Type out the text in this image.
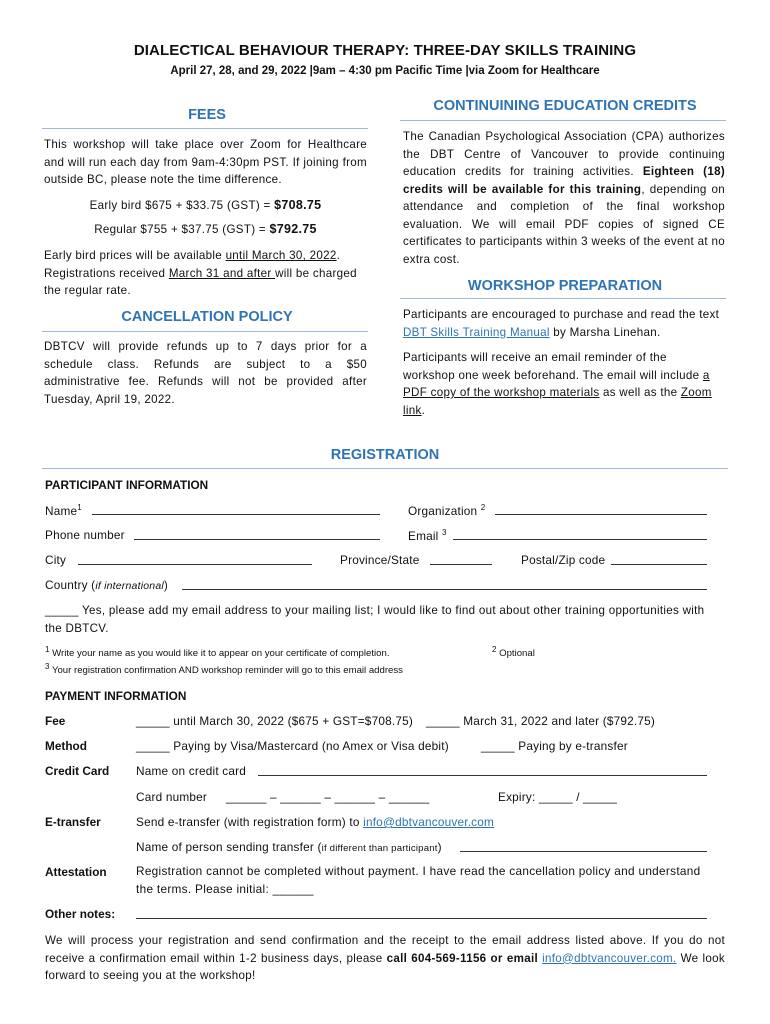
DIALECTICAL BEHAVIOUR THERAPY: THREE-DAY SKILLS TRAINING
April 27, 28, and 29, 2022 |9am – 4:30 pm Pacific Time |via Zoom for Healthcare
FEES
This workshop will take place over Zoom for Healthcare and will run each day from 9am-4:30pm PST. If joining from outside BC, please note the time difference.
Early bird $675 + $33.75 (GST) = $708.75
Regular $755 + $37.75 (GST) = $792.75
Early bird prices will be available until March 30, 2022. Registrations received March 31 and after will be charged the regular rate.
CANCELLATION POLICY
DBTCV will provide refunds up to 7 days prior for a schedule class. Refunds are subject to a $50 administrative fee. Refunds will not be provided after Tuesday, April 19, 2022.
CONTINUINING EDUCATION CREDITS
The Canadian Psychological Association (CPA) authorizes the DBT Centre of Vancouver to provide continuing education credits for training activities. Eighteen (18) credits will be available for this training, depending on attendance and completion of the final workshop evaluation. We will email PDF copies of signed CE certificates to participants within 3 weeks of the event at no extra cost.
WORKSHOP PREPARATION
Participants are encouraged to purchase and read the text DBT Skills Training Manual by Marsha Linehan.
Participants will receive an email reminder of the workshop one week beforehand. The email will include a PDF copy of the workshop materials as well as the Zoom link.
REGISTRATION
PARTICIPANT INFORMATION
Name$^1$	Organization $^2$
Phone number	Email $^3$
City	Province/State	Postal/Zip code
Country (if international)
_____ Yes, please add my email address to your mailing list; I would like to find out about other training opportunities with the DBTCV.
$^1$ Write your name as you would like it to appear on your certificate of completion.	$^2$ Optional
$^3$ Your registration confirmation AND workshop reminder will go to this email address
PAYMENT INFORMATION
Fee	_____ until March 30, 2022 ($675 + GST=$708.75) _____ March 31, 2022 and later ($792.75)
Method	_____ Paying by Visa/Mastercard (no Amex or Visa debit)	_____ Paying by e-transfer
Credit Card Name on credit card
Card number ______ – ______ – ______ – ______	Expiry: _____ / _____
E-transfer	Send e-transfer (with registration form) to info@dbtvancouver.com
Name of person sending transfer (if different than participant)
Attestation Registration cannot be completed without payment. I have read the cancellation policy and understand the terms. Please initial: ______
Other notes:
We will process your registration and send confirmation and the receipt to the email address listed above. If you do not receive a confirmation email within 1-2 business days, please call 604-569-1156 or email info@dbtvancouver.com. We look forward to seeing you at the workshop!
